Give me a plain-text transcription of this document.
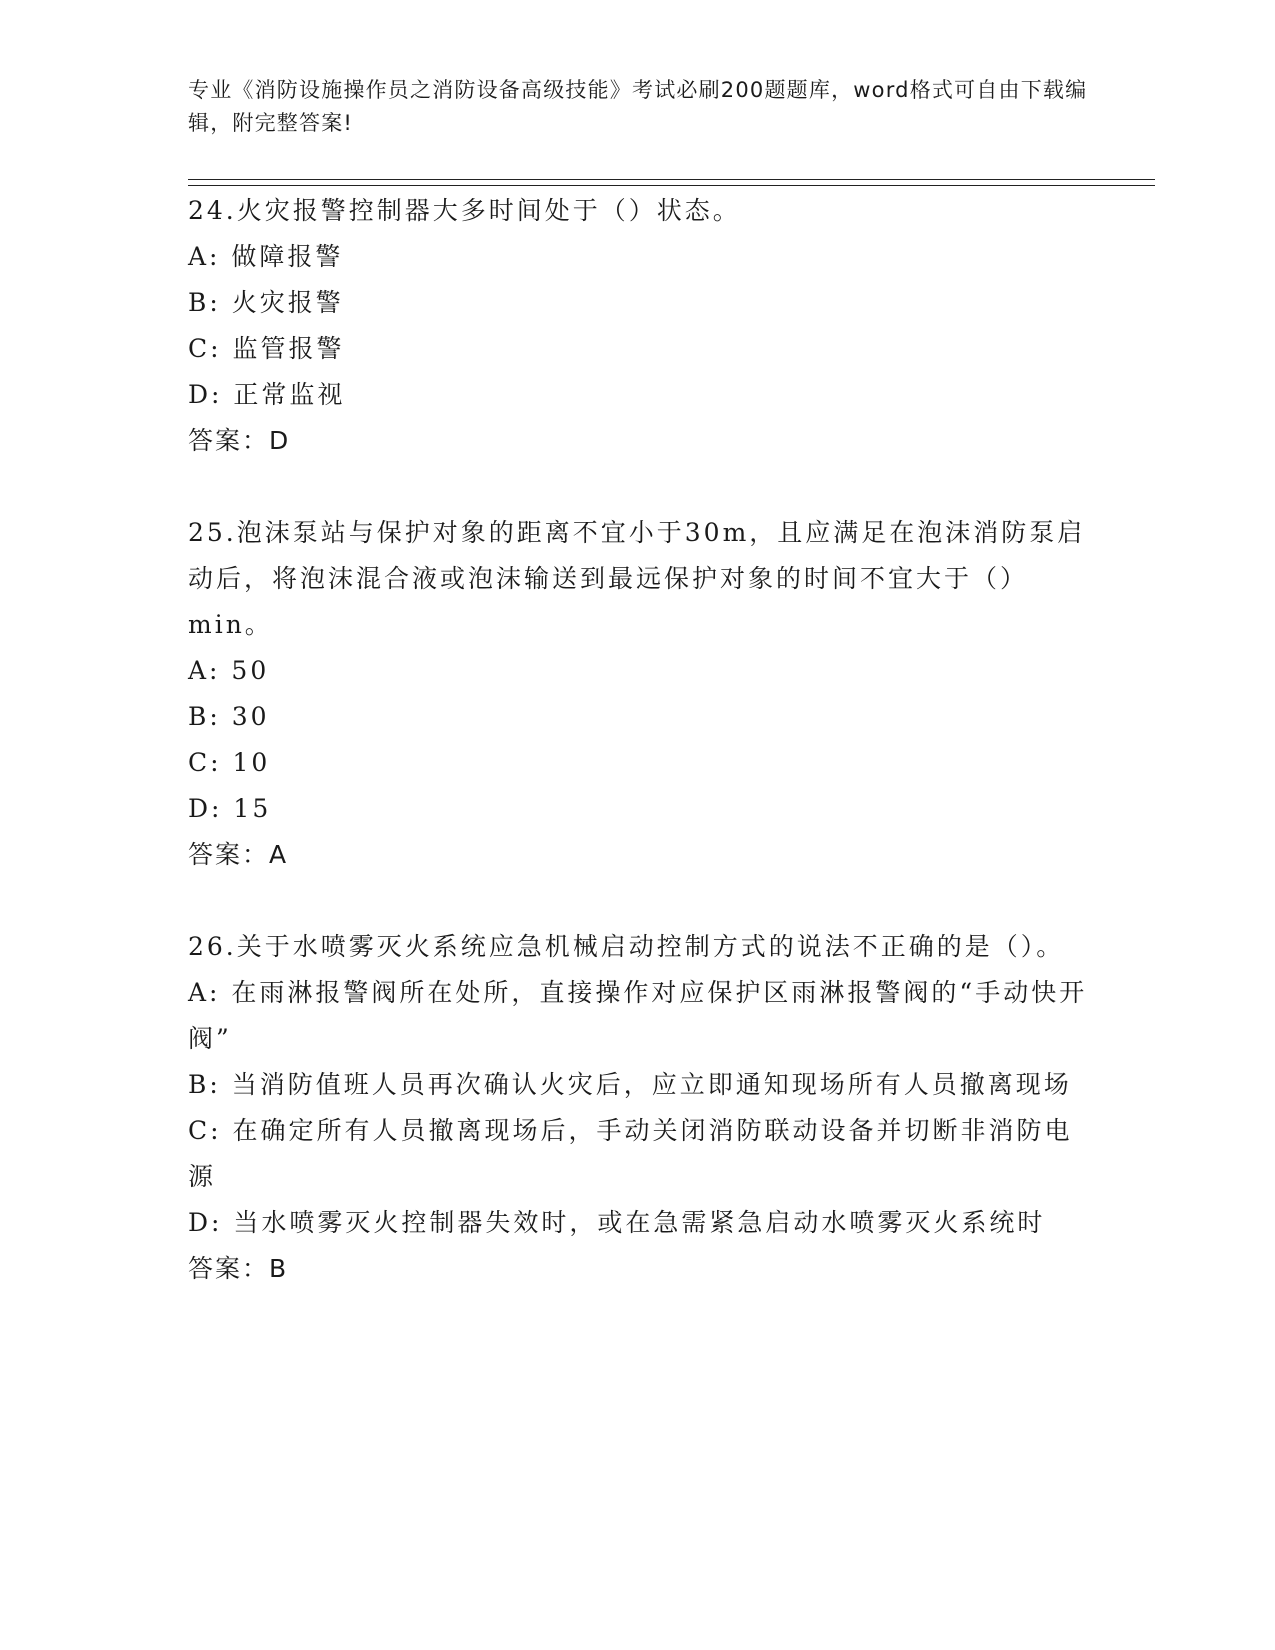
专业《消防设施操作员之消防设备高级技能》考试必刷200题题库，word格式可自由下载编辑，附完整答案!

24.火灾报警控制器大多时间处于（）状态。

A: 做障报警

B: 火灾报警

C: 监管报警

D: 正常监视

答案：D

25.泡沫泵站与保护对象的距离不宜小于30m，且应满足在泡沫消防泵启动后，将泡沫混合液或泡沫输送到最远保护对象的时间不宜大于（）min。

A: 50

B: 30

C: 10

D: 15

答案：A

26.关于水喷雾灭火系统应急机械启动控制方式的说法不正确的是（）。

A: 在雨淋报警阀所在处所，直接操作对应保护区雨淋报警阀的“手动快开阀”

B: 当消防值班人员再次确认火灾后，应立即通知现场所有人员撤离现场

C: 在确定所有人员撤离现场后，手动关闭消防联动设备并切断非消防电源

D: 当水喷雾灭火控制器失效时，或在急需紧急启动水喷雾灭火系统时

答案：B
